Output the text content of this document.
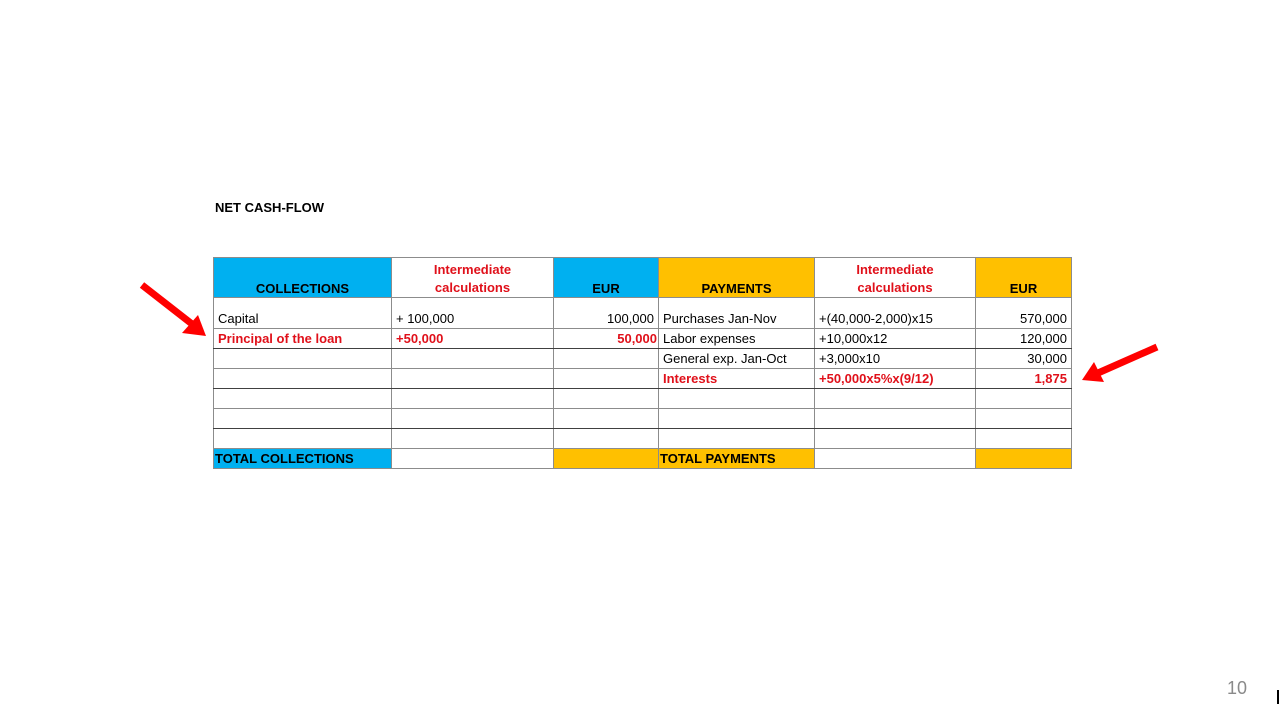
NET CASH-FLOW
COLLECTIONS	Intermediate calculations	EUR	PAYMENTS	Intermediate calculations	EUR
Capital	+ 100,000	100,000	Purchases Jan-Nov	+(40,000-2,000)x15	570,000
Principal of the loan	+50,000	50,000	Labor expenses	+10,000x12	120,000
			General exp. Jan-Oct	+3,000x10	30,000
			Interests	+50,000x5%x(9/12)	1,875

TOTAL COLLECTIONS			TOTAL PAYMENTS		
10
